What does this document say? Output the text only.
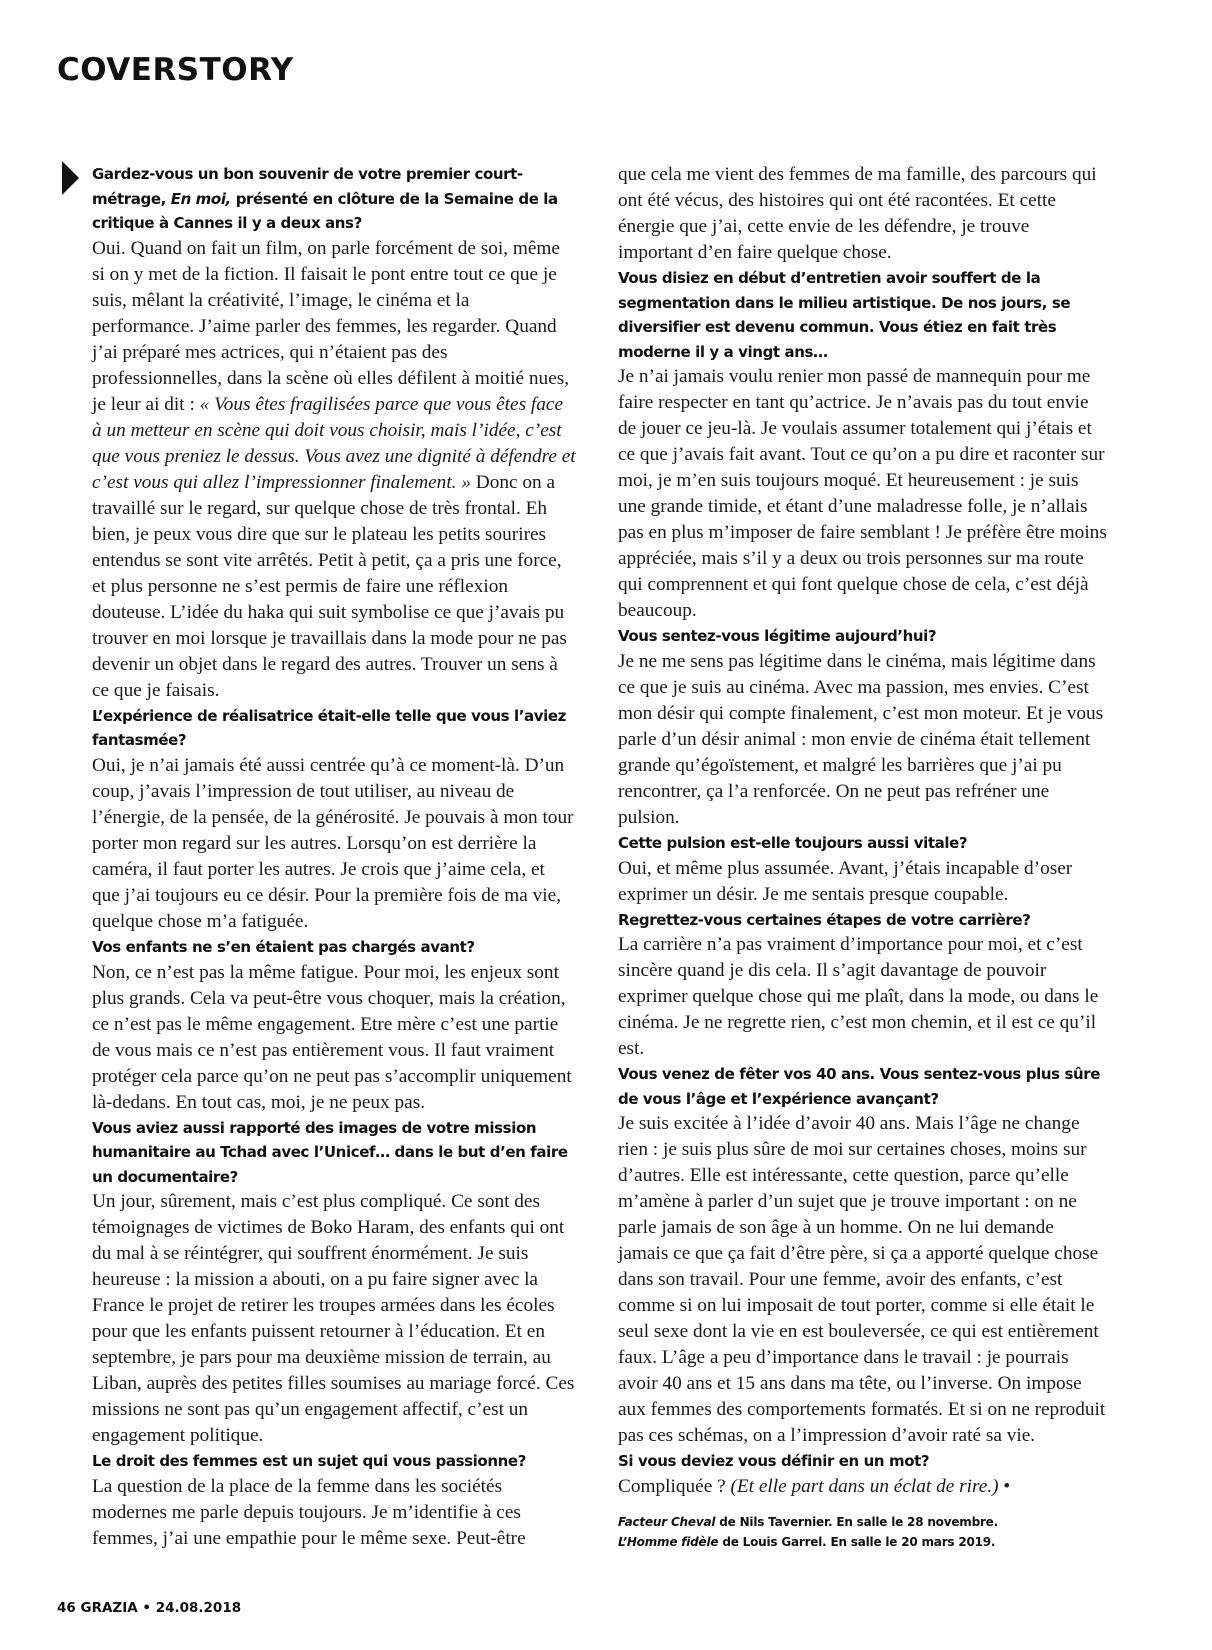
COVERSTORY

Gardez-vous un bon souvenir de votre premier court-métrage, En moi, présenté en clôture de la Semaine de la critique à Cannes il y a deux ans?

Oui. Quand on fait un film, on parle forcément de soi, même si on y met de la fiction. Il faisait le pont entre tout ce que je suis, mêlant la créativité, l’image, le cinéma et la performance. J’aime parler des femmes, les regarder. Quand j’ai préparé mes actrices, qui n’étaient pas des professionnelles, dans la scène où elles défilent à moitié nues, je leur ai dit : « Vous êtes fragilisées parce que vous êtes face à un metteur en scène qui doit vous choisir, mais l’idée, c’est que vous preniez le dessus. Vous avez une dignité à défendre et c’est vous qui allez l’impressionner finalement. » Donc on a travaillé sur le regard, sur quelque chose de très frontal. Eh bien, je peux vous dire que sur le plateau les petits sourires entendus se sont vite arrêtés. Petit à petit, ça a pris une force, et plus personne ne s’est permis de faire une réflexion douteuse. L’idée du haka qui suit symbolise ce que j’avais pu trouver en moi lorsque je travaillais dans la mode pour ne pas devenir un objet dans le regard des autres. Trouver un sens à ce que je faisais.

L’expérience de réalisatrice était-elle telle que vous l’aviez fantasmée?

Oui, je n’ai jamais été aussi centrée qu’à ce moment-là. D’un coup, j’avais l’impression de tout utiliser, au niveau de l’énergie, de la pensée, de la générosité. Je pouvais à mon tour porter mon regard sur les autres. Lorsqu’on est derrière la caméra, il faut porter les autres. Je crois que j’aime cela, et que j’ai toujours eu ce désir. Pour la première fois de ma vie, quelque chose m’a fatiguée.

Vos enfants ne s’en étaient pas chargés avant?

Non, ce n’est pas la même fatigue. Pour moi, les enjeux sont plus grands. Cela va peut-être vous choquer, mais la création, ce n’est pas le même engagement. Etre mère c’est une partie de vous mais ce n’est pas entièrement vous. Il faut vraiment protéger cela parce qu’on ne peut pas s’accomplir uniquement là-dedans. En tout cas, moi, je ne peux pas.

Vous aviez aussi rapporté des images de votre mission humanitaire au Tchad avec l’Unicef… dans le but d’en faire un documentaire?

Un jour, sûrement, mais c’est plus compliqué. Ce sont des témoignages de victimes de Boko Haram, des enfants qui ont du mal à se réintégrer, qui souffrent énormément. Je suis heureuse : la mission a abouti, on a pu faire signer avec la France le projet de retirer les troupes armées dans les écoles pour que les enfants puissent retourner à l’éducation. Et en septembre, je pars pour ma deuxième mission de terrain, au Liban, auprès des petites filles soumises au mariage forcé. Ces missions ne sont pas qu’un engagement affectif, c’est un engagement politique.

Le droit des femmes est un sujet qui vous passionne?

La question de la place de la femme dans les sociétés modernes me parle depuis toujours. Je m’identifie à ces femmes, j’ai une empathie pour le même sexe. Peut-être

que cela me vient des femmes de ma famille, des parcours qui ont été vécus, des histoires qui ont été racontées. Et cette énergie que j’ai, cette envie de les défendre, je trouve important d’en faire quelque chose.

Vous disiez en début d’entretien avoir souffert de la segmentation dans le milieu artistique. De nos jours, se diversifier est devenu commun. Vous étiez en fait très moderne il y a vingt ans…

Je n’ai jamais voulu renier mon passé de mannequin pour me faire respecter en tant qu’actrice. Je n’avais pas du tout envie de jouer ce jeu-là. Je voulais assumer totalement qui j’étais et ce que j’avais fait avant. Tout ce qu’on a pu dire et raconter sur moi, je m’en suis toujours moqué. Et heureusement : je suis une grande timide, et étant d’une maladresse folle, je n’allais pas en plus m’imposer de faire semblant ! Je préfère être moins appréciée, mais s’il y a deux ou trois personnes sur ma route qui comprennent et qui font quelque chose de cela, c’est déjà beaucoup.

Vous sentez-vous légitime aujourd’hui?

Je ne me sens pas légitime dans le cinéma, mais légitime dans ce que je suis au cinéma. Avec ma passion, mes envies. C’est mon désir qui compte finalement, c’est mon moteur. Et je vous parle d’un désir animal : mon envie de cinéma était tellement grande qu’égoïstement, et malgré les barrières que j’ai pu rencontrer, ça l’a renforcée. On ne peut pas refréner une pulsion.

Cette pulsion est-elle toujours aussi vitale?

Oui, et même plus assumée. Avant, j’étais incapable d’oser exprimer un désir. Je me sentais presque coupable.

Regrettez-vous certaines étapes de votre carrière?

La carrière n’a pas vraiment d’importance pour moi, et c’est sincère quand je dis cela. Il s’agit davantage de pouvoir exprimer quelque chose qui me plaît, dans la mode, ou dans le cinéma. Je ne regrette rien, c’est mon chemin, et il est ce qu’il est.

Vous venez de fêter vos 40 ans. Vous sentez-vous plus sûre de vous l’âge et l’expérience avançant?

Je suis excitée à l’idée d’avoir 40 ans. Mais l’âge ne change rien : je suis plus sûre de moi sur certaines choses, moins sur d’autres. Elle est intéressante, cette question, parce qu’elle m’amène à parler d’un sujet que je trouve important : on ne parle jamais de son âge à un homme. On ne lui demande jamais ce que ça fait d’être père, si ça a apporté quelque chose dans son travail. Pour une femme, avoir des enfants, c’est comme si on lui imposait de tout porter, comme si elle était le seul sexe dont la vie en est bouleversée, ce qui est entièrement faux. L’âge a peu d’importance dans le travail : je pourrais avoir 40 ans et 15 ans dans ma tête, ou l’inverse. On impose aux femmes des comportements formatés. Et si on ne reproduit pas ces schémas, on a l’impression d’avoir raté sa vie.

Si vous deviez vous définir en un mot?

Compliquée ? (Et elle part dans un éclat de rire.) •

Facteur Cheval de Nils Tavernier. En salle le 28 novembre.
L’Homme fidèle de Louis Garrel. En salle le 20 mars 2019.
46 GRAZIA • 24.08.2018
